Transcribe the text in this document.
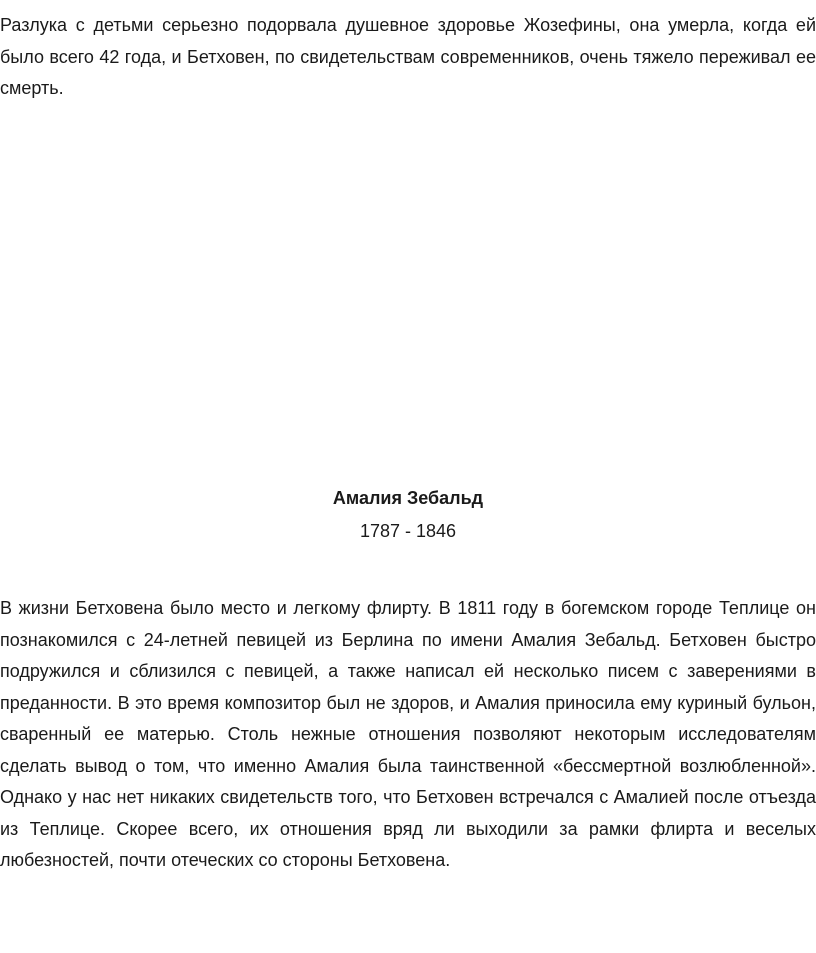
Разлука с детьми серьезно подорвала душевное здоровье Жозефины, она умерла, когда ей было всего 42 года, и Бетховен, по свидетельствам современников, очень тяжело переживал ее смерть.

Амалия Зебальд
1787 - 1846

В жизни Бетховена было место и легкому флирту. В 1811 году в богемском городе Теплице он познакомился с 24-летней певицей из Берлина по имени Амалия Зебальд. Бетховен быстро подружился и сблизился с певицей, а также написал ей несколько писем с заверениями в преданности. В это время композитор был не здоров, и Амалия приносила ему куриный бульон, сваренный ее матерью. Столь нежные отношения позволяют некоторым исследователям сделать вывод о том, что именно Амалия была таинственной «бессмертной возлюбленной». Однако у нас нет никаких свидетельств того, что Бетховен встречался с Амалией после отъезда из Теплице. Скорее всего, их отношения вряд ли выходили за рамки флирта и веселых любезностей, почти отеческих со стороны Бетховена.
